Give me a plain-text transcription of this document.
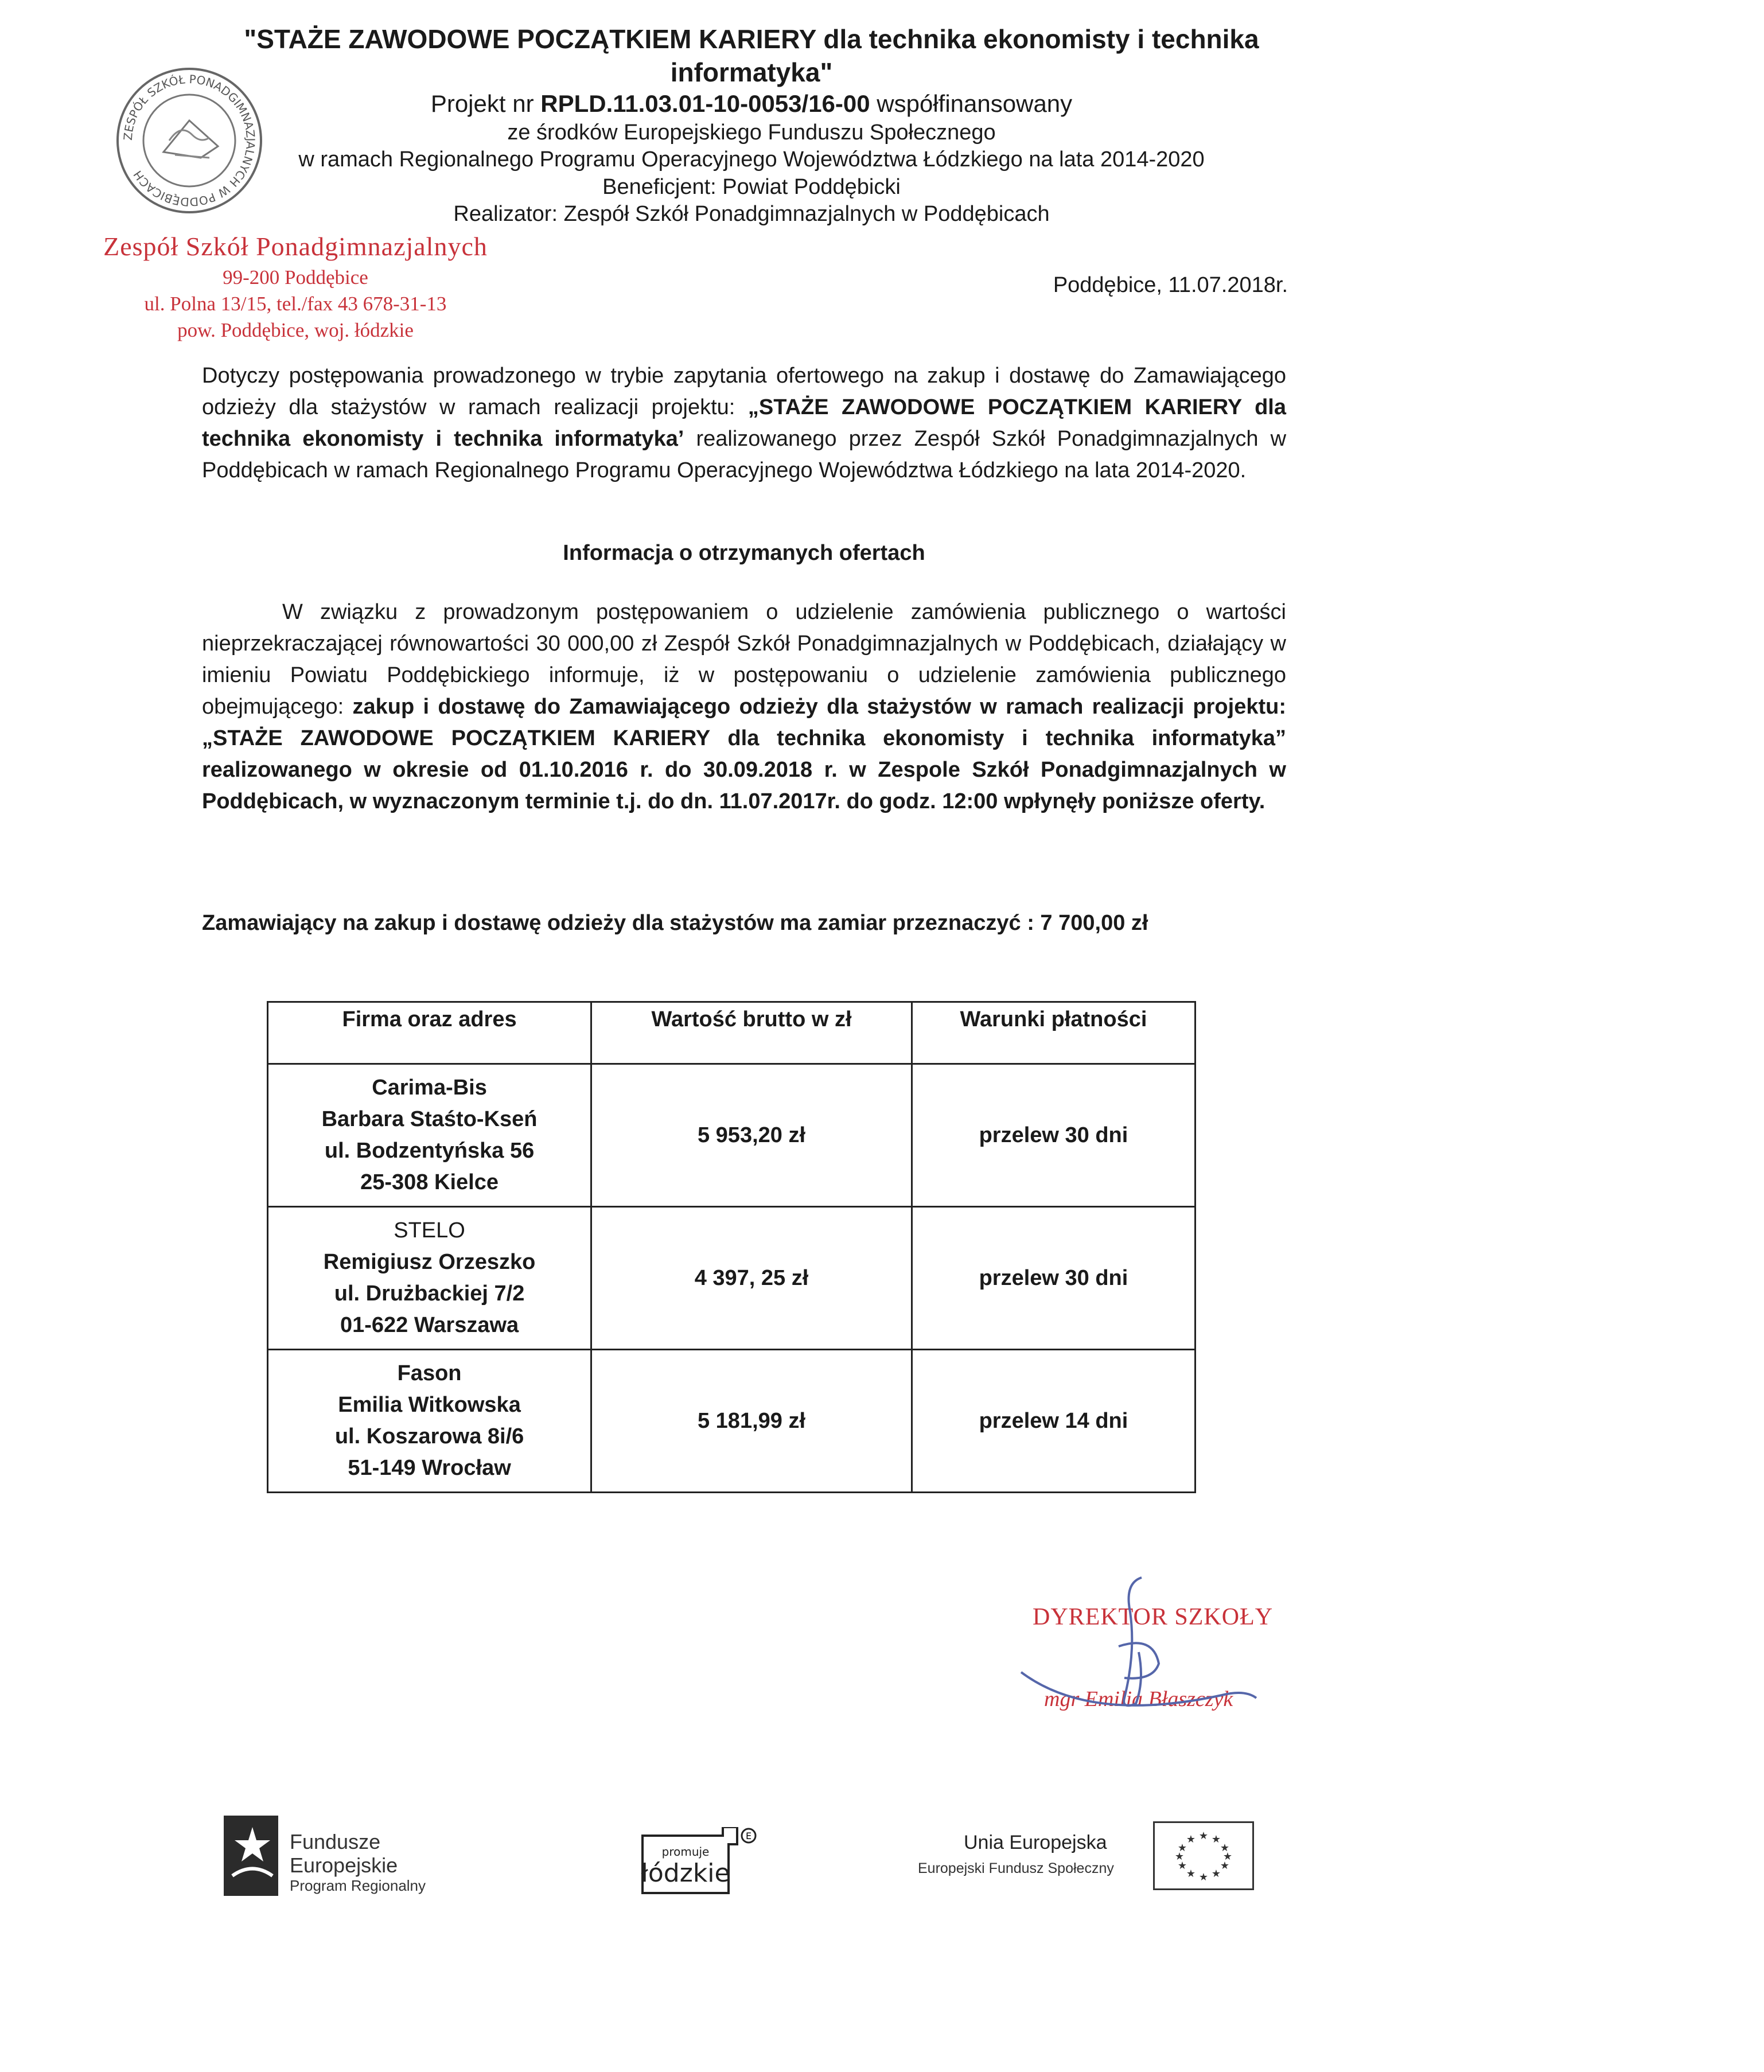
"STAŻE ZAWODOWE POCZĄTKIEM KARIERY dla technika ekonomisty i technika informatyka"
Projekt nr RPLD.11.03.01-10-0053/16-00 współfinansowany
ze środków Europejskiego Funduszu Społecznego
w ramach Regionalnego Programu Operacyjnego Województwa Łódzkiego na lata 2014-2020
Beneficjent: Powiat Poddębicki
Realizator: Zespół Szkół Ponadgimnazjalnych w Poddębicach
ZESPÓŁ SZKÓŁ PONADGIMNAZJALNYCH W PODDĘBICACH
Zespół Szkół Ponadgimnazjalnych
99-200 Poddębice
ul. Polna 13/15, tel./fax 43 678-31-13
pow. Poddębice, woj. łódzkie
Poddębice, 11.07.2018r.
Dotyczy postępowania prowadzonego w trybie zapytania ofertowego na zakup i dostawę do Zamawiającego odzieży dla stażystów w ramach realizacji projektu: „STAŻE ZAWODOWE POCZĄTKIEM KARIERY dla technika ekonomisty i technika informatyka’ realizowanego przez Zespół Szkół Ponadgimnazjalnych w Poddębicach w ramach Regionalnego Programu Operacyjnego Województwa Łódzkiego na lata 2014-2020.
Informacja o otrzymanych ofertach
W związku z prowadzonym postępowaniem o udzielenie zamówienia publicznego o wartości nieprzekraczającej równowartości 30 000,00 zł Zespół Szkół Ponadgimnazjalnych w Poddębicach, działający w imieniu Powiatu Poddębickiego informuje, iż w postępowaniu o udzielenie zamówienia publicznego obejmującego: zakup i dostawę do Zamawiającego odzieży dla stażystów w ramach realizacji projektu: „STAŻE ZAWODOWE POCZĄTKIEM KARIERY dla technika ekonomisty i technika informatyka” realizowanego w okresie od 01.10.2016 r. do 30.09.2018 r. w Zespole Szkół Ponadgimnazjalnych w Poddębicach, w wyznaczonym terminie t.j. do dn. 11.07.2017r. do godz. 12:00 wpłynęły poniższe oferty.
Zamawiający na zakup i dostawę odzieży dla stażystów ma zamiar przeznaczyć : 7 700,00 zł
Firma oraz adres	Wartość brutto w zł	Warunki płatności

Carima-Bis
Barbara Staśto-Kseń
ul. Bodzentyńska 56
25-308 Kielce	5 953,20 zł	przelew 30 dni

STELO
Remigiusz Orzeszko
ul. Drużbackiej 7/2
01-622 Warszawa	4 397, 25 zł	przelew 30 dni

Fason
Emilia Witkowska
ul. Koszarowa 8i/6
51-149 Wrocław	5 181,99 zł	przelew 14 dni
DYREKTOR SZKOŁY
mgr Emilia Błaszczyk
Fundusze
Europejskie
Program Regionalny
E
promuje
łódzkie
Unia Europejska
Europejski Fundusz Społeczny
★ ★
★
★
★
★
★
★
★
★
★
★
